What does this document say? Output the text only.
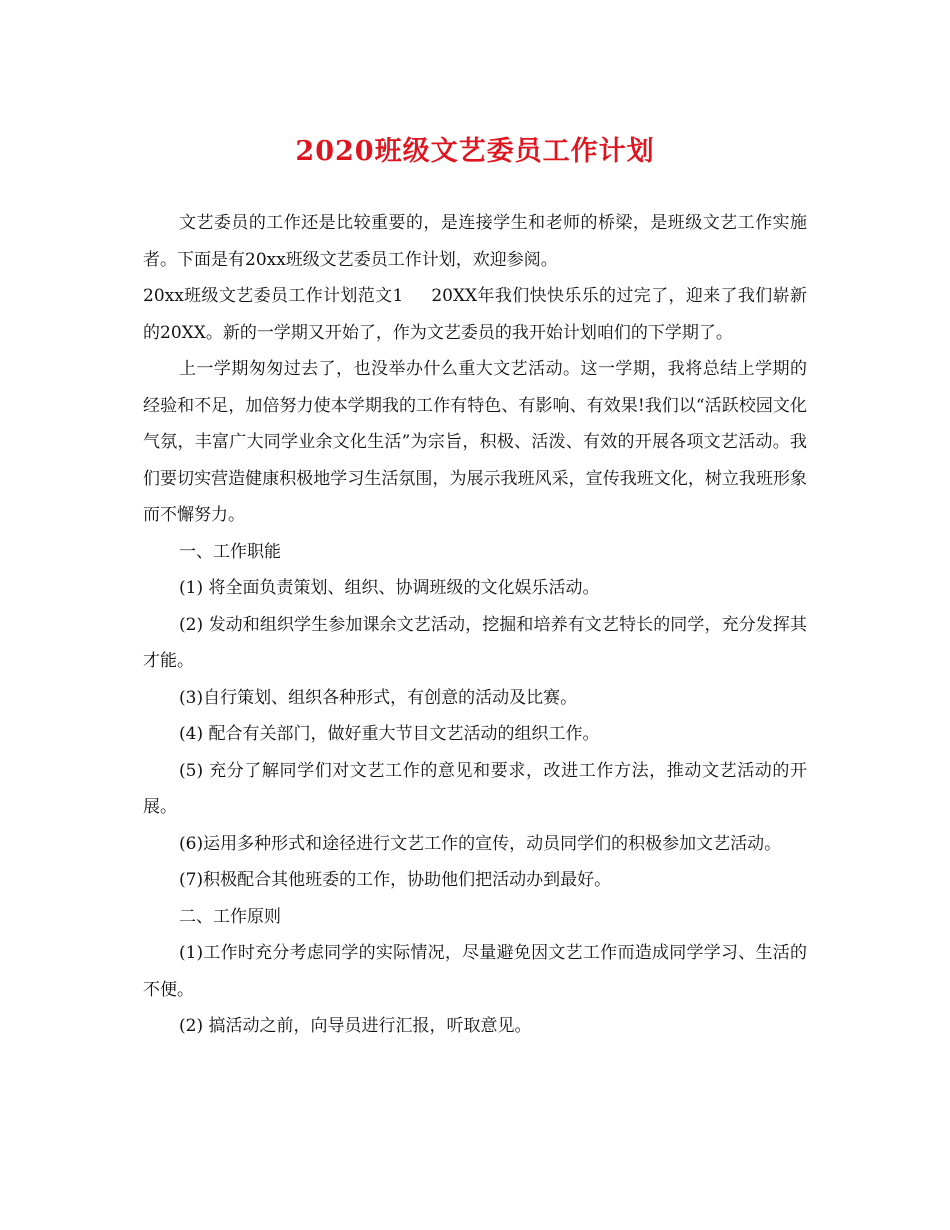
2020班级文艺委员工作计划

文艺委员的工作还是比较重要的，是连接学生和老师的桥梁，是班级文艺工作实施者。下面是有20xx班级文艺委员工作计划，欢迎参阅。

20xx班级文艺委员工作计划范文1 20XX年我们快快乐乐的过完了，迎来了我们崭新的20XX。新的一学期又开始了，作为文艺委员的我开始计划咱们的下学期了。

上一学期匆匆过去了，也没举办什么重大文艺活动。这一学期，我将总结上学期的经验和不足，加倍努力使本学期我的工作有特色、有影响、有效果!我们以“活跃校园文化气氛，丰富广大同学业余文化生活”为宗旨，积极、活泼、有效的开展各项文艺活动。我们要切实营造健康积极地学习生活氛围，为展示我班风采，宣传我班文化，树立我班形象而不懈努力。

一、工作职能

(1) 将全面负责策划、组织、协调班级的文化娱乐活动。

(2) 发动和组织学生参加课余文艺活动，挖掘和培养有文艺特长的同学，充分发挥其才能。

(3)自行策划、组织各种形式，有创意的活动及比赛。

(4) 配合有关部门，做好重大节目文艺活动的组织工作。

(5) 充分了解同学们对文艺工作的意见和要求，改进工作方法，推动文艺活动的开展。

(6)运用多种形式和途径进行文艺工作的宣传，动员同学们的积极参加文艺活动。

(7)积极配合其他班委的工作，协助他们把活动办到最好。

二、工作原则

(1)工作时充分考虑同学的实际情况，尽量避免因文艺工作而造成同学学习、生活的不便。

(2) 搞活动之前，向导员进行汇报，听取意见。
